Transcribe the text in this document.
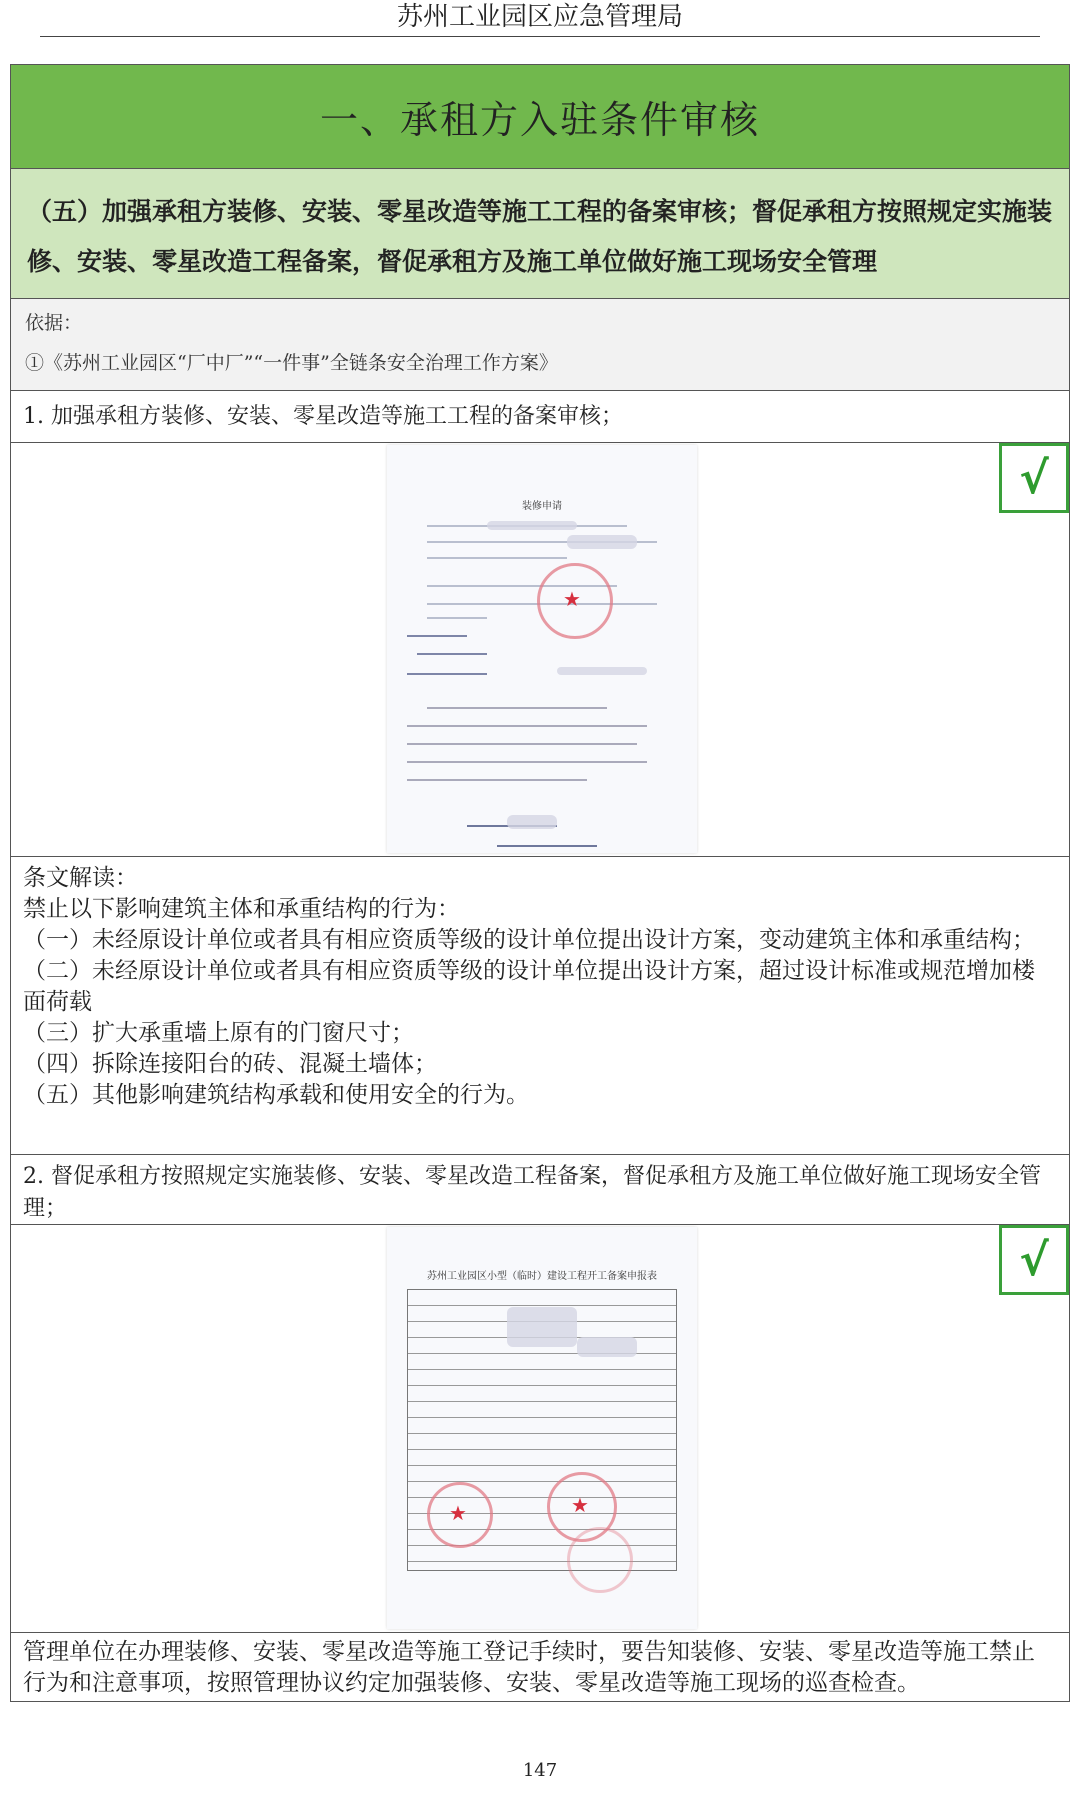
苏州工业园区应急管理局
一、承租方入驻条件审核
（五）加强承租方装修、安装、零星改造等施工工程的备案审核；督促承租方按照规定实施装修、安装、零星改造工程备案，督促承租方及施工单位做好施工现场安全管理
依据：
①《苏州工业园区“厂中厂”“一件事”全链条安全治理工作方案》
1. 加强承租方装修、安装、零星改造等施工工程的备案审核；
装修申请
★
√

条文解读：

禁止以下影响建筑主体和承重结构的行为：

（一）未经原设计单位或者具有相应资质等级的设计单位提出设计方案，变动建筑主体和承重结构；

（二）未经原设计单位或者具有相应资质等级的设计单位提出设计方案，超过设计标准或规范增加楼面荷载

（三）扩大承重墙上原有的门窗尺寸；

（四）拆除连接阳台的砖、混凝土墙体；

（五）其他影响建筑结构承载和使用安全的行为。

2. 督促承租方按照规定实施装修、安装、零星改造工程备案，督促承租方及施工单位做好施工现场安全管理；
苏州工业园区小型（临时）建设工程开工备案申报表
★	★
√
管理单位在办理装修、安装、零星改造等施工登记手续时，要告知装修、安装、零星改造等施工禁止行为和注意事项，按照管理协议约定加强装修、安装、零星改造等施工现场的巡查检查。
147
